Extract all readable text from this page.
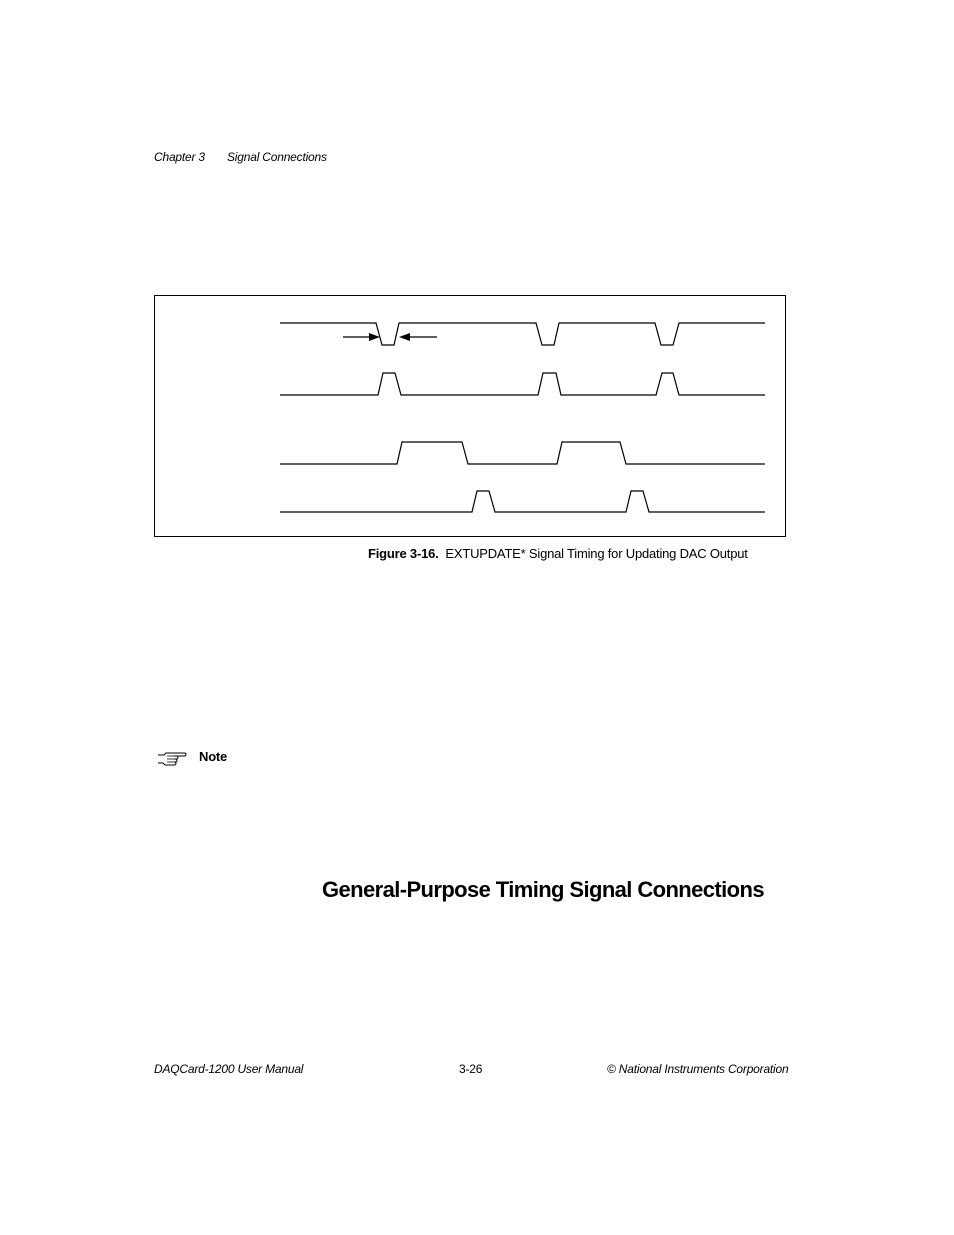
Chapter 3 Signal Connections
Figure 3-16. EXTUPDATE* Signal Timing for Updating DAC Output
Note
General-Purpose Timing Signal Connections
DAQCard-1200 User Manual	3-26	© National Instruments Corporation
